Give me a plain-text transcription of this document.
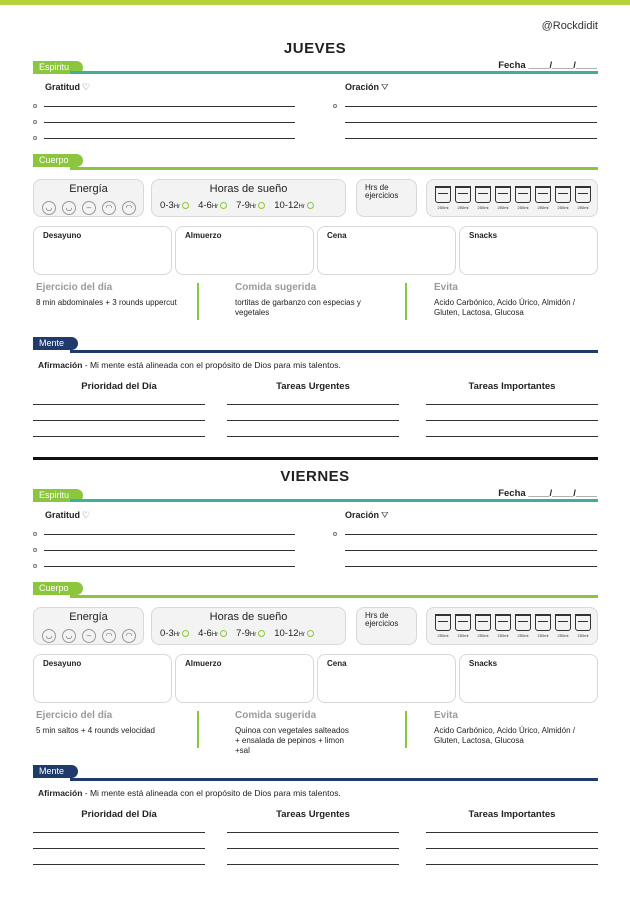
@Rockdidit
JUEVES
Espiritu	Fecha ____/____/____
Gratitud ♡	Oración ⛛
Cuerpo
Energía
◡	◡	–	◠	◠
Horas de sueño
0-3Hr	4-6Hr	7-9Hr	10-12Hr
Hrs de
ejercicios
250ml	250ml	250ml	250ml	250ml	250ml	250ml	250ml
Desayuno	Almuerzo	Cena	Snacks
Ejercicio del día
8 min abdominales + 3 rounds uppercut
Comida sugerida
tortitas de garbanzo con especias y vegetales
Evita
Acido Carbónico, Acido Úrico, Almidón / Gluten, Lactosa, Glucosa
Mente
Afirmación - Mi mente está alineada con el propósito de Dios para mis talentos.
Prioridad del Día	Tareas Urgentes	Tareas Importantes
VIERNES
Espiritu	Fecha ____/____/____
Gratitud ♡	Oración ⛛
Cuerpo
Energía
◡	◡	–	◠	◠
Horas de sueño
0-3Hr	4-6Hr	7-9Hr	10-12Hr
Hrs de
ejercicios
250ml	250ml	250ml	250ml	250ml	250ml	250ml	250ml
Desayuno	Almuerzo	Cena	Snacks
Ejercicio del día
5 min saltos + 4 rounds velocidad
Comida sugerida
Quinoa con vegetales salteados + ensalada de pepinos + limon +sal
Evita
Acido Carbónico, Acido Úrico, Almidón / Gluten, Lactosa, Glucosa
Mente
Afirmación - Mi mente está alineada con el propósito de Dios para mis talentos.
Prioridad del Día	Tareas Urgentes	Tareas Importantes
